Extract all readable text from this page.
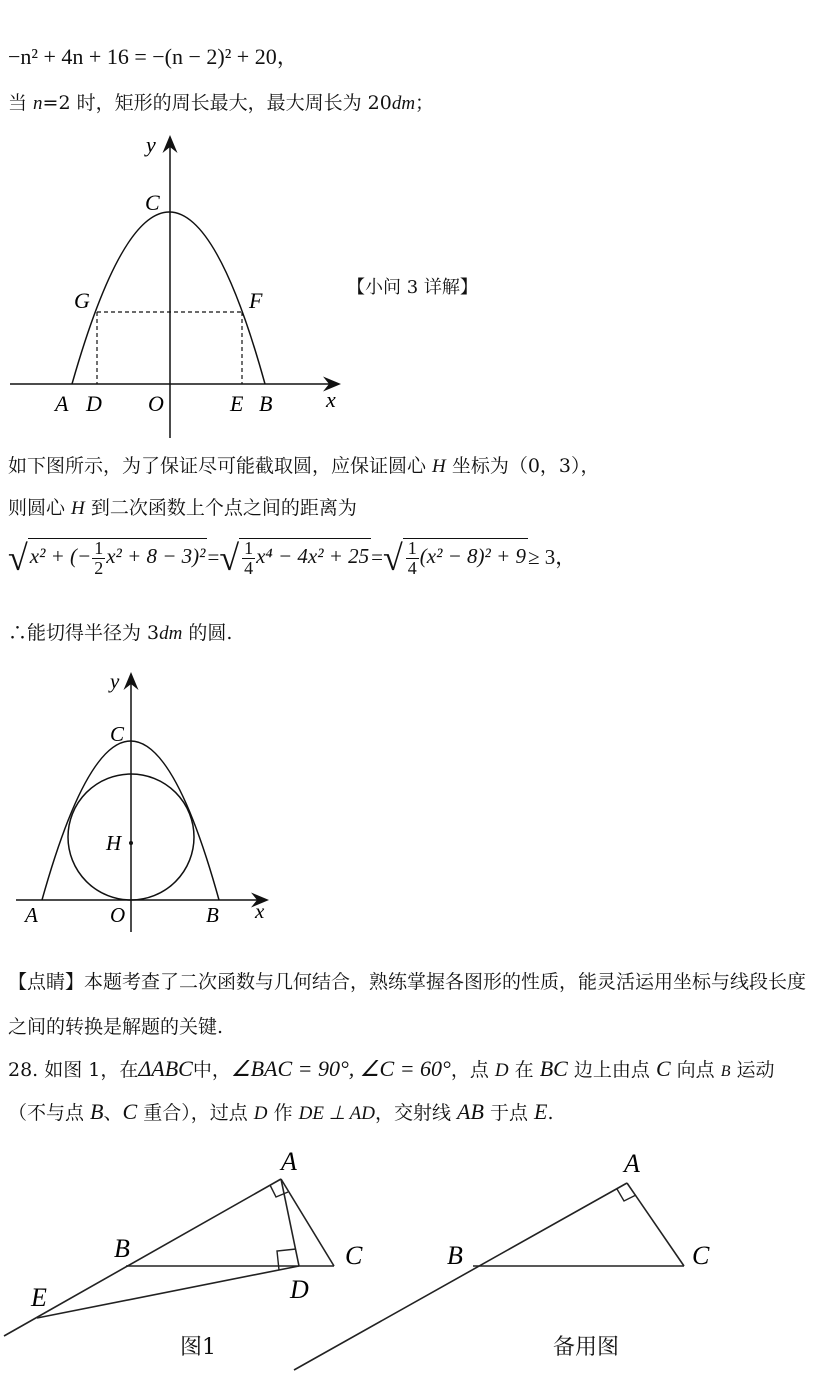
−n² + 4n + 16 = −(n − 2)² + 20，
当 n=2 时，矩形的周长最大，最大周长为 20dm；
y
C
G	F
A D O	E B x
【小问 3 详解】
如下图所示，为了保证尽可能截取圆，应保证圆心 H 坐标为（0，3），
则圆心 H 到二次函数上个点之间的距离为
√ x² + (− $\frac{1}{2} x^2 + 8 - 3)^2$ = √ $\frac{1}{4} x^4 - 4x^2 + 25$ = √ $\frac{1}{4} (x^2 - 8)^2 + 9 \ge 3$，
∴能切得半径为 3dm 的圆.
y
C
H
A	O	B x
【点睛】本题考查了二次函数与几何结合，熟练掌握各图形的性质，能灵活运用坐标与线段长度之间的转换是解题的关键.
28. 如图 1，在ΔABC中，∠BAC = 90°, ∠C = 60°，点 D 在 BC 边上由点 C 向点 B 运动
（不与点 B、C 重合），过点 D 作 DE ⊥ AD，交射线 AB 于点 E.
A
B	C
D
E
图1
A
B	C
备用图
